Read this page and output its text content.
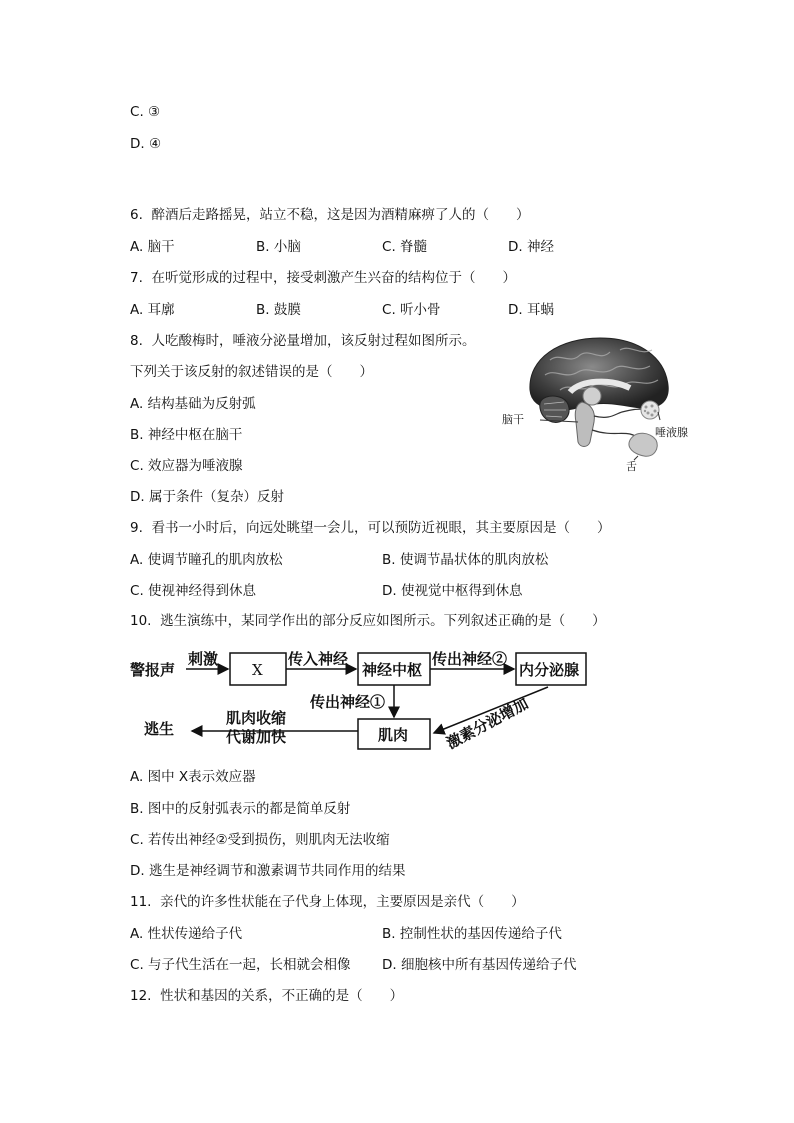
C. ③
D. ④
6. 醉酒后走路摇晃，站立不稳，这是因为酒精麻痹了人的（　　）
A. 脑干	B. 小脑	C. 脊髓	D. 神经
7. 在听觉形成的过程中，接受刺激产生兴奋的结构位于（　　）
A. 耳廓	B. 鼓膜	C. 听小骨	D. 耳蜗
8. 人吃酸梅时，唾液分泌量增加，该反射过程如图所示。
下列关于该反射的叙述错误的是（　　）
A. 结构基础为反射弧
B. 神经中枢在脑干
C. 效应器为唾液腺
D. 属于条件（复杂）反射
脑干
唾液腺
舌
9. 看书一小时后，向远处眺望一会儿，可以预防近视眼，其主要原因是（　　）
A. 使调节瞳孔的肌肉放松	B. 使调节晶状体的肌肉放松
C. 使视神经得到休息	D. 使视觉中枢得到休息
10. 逃生演练中，某同学作出的部分反应如图所示。下列叙述正确的是（　　）
警报声
刺激	传入神经	传出神经②
传出神经①
肌肉收缩
代谢加快
逃生	激素分泌增加
X	神经中枢	内分泌腺
肌肉
A. 图中 X表示效应器
B. 图中的反射弧表示的都是简单反射
C. 若传出神经②受到损伤，则肌肉无法收缩
D. 逃生是神经调节和激素调节共同作用的结果
11. 亲代的许多性状能在子代身上体现，主要原因是亲代（　　）
A. 性状传递给子代	B. 控制性状的基因传递给子代
C. 与子代生活在一起，长相就会相像 D. 细胞核中所有基因传递给子代
12. 性状和基因的关系，不正确的是（　　）
